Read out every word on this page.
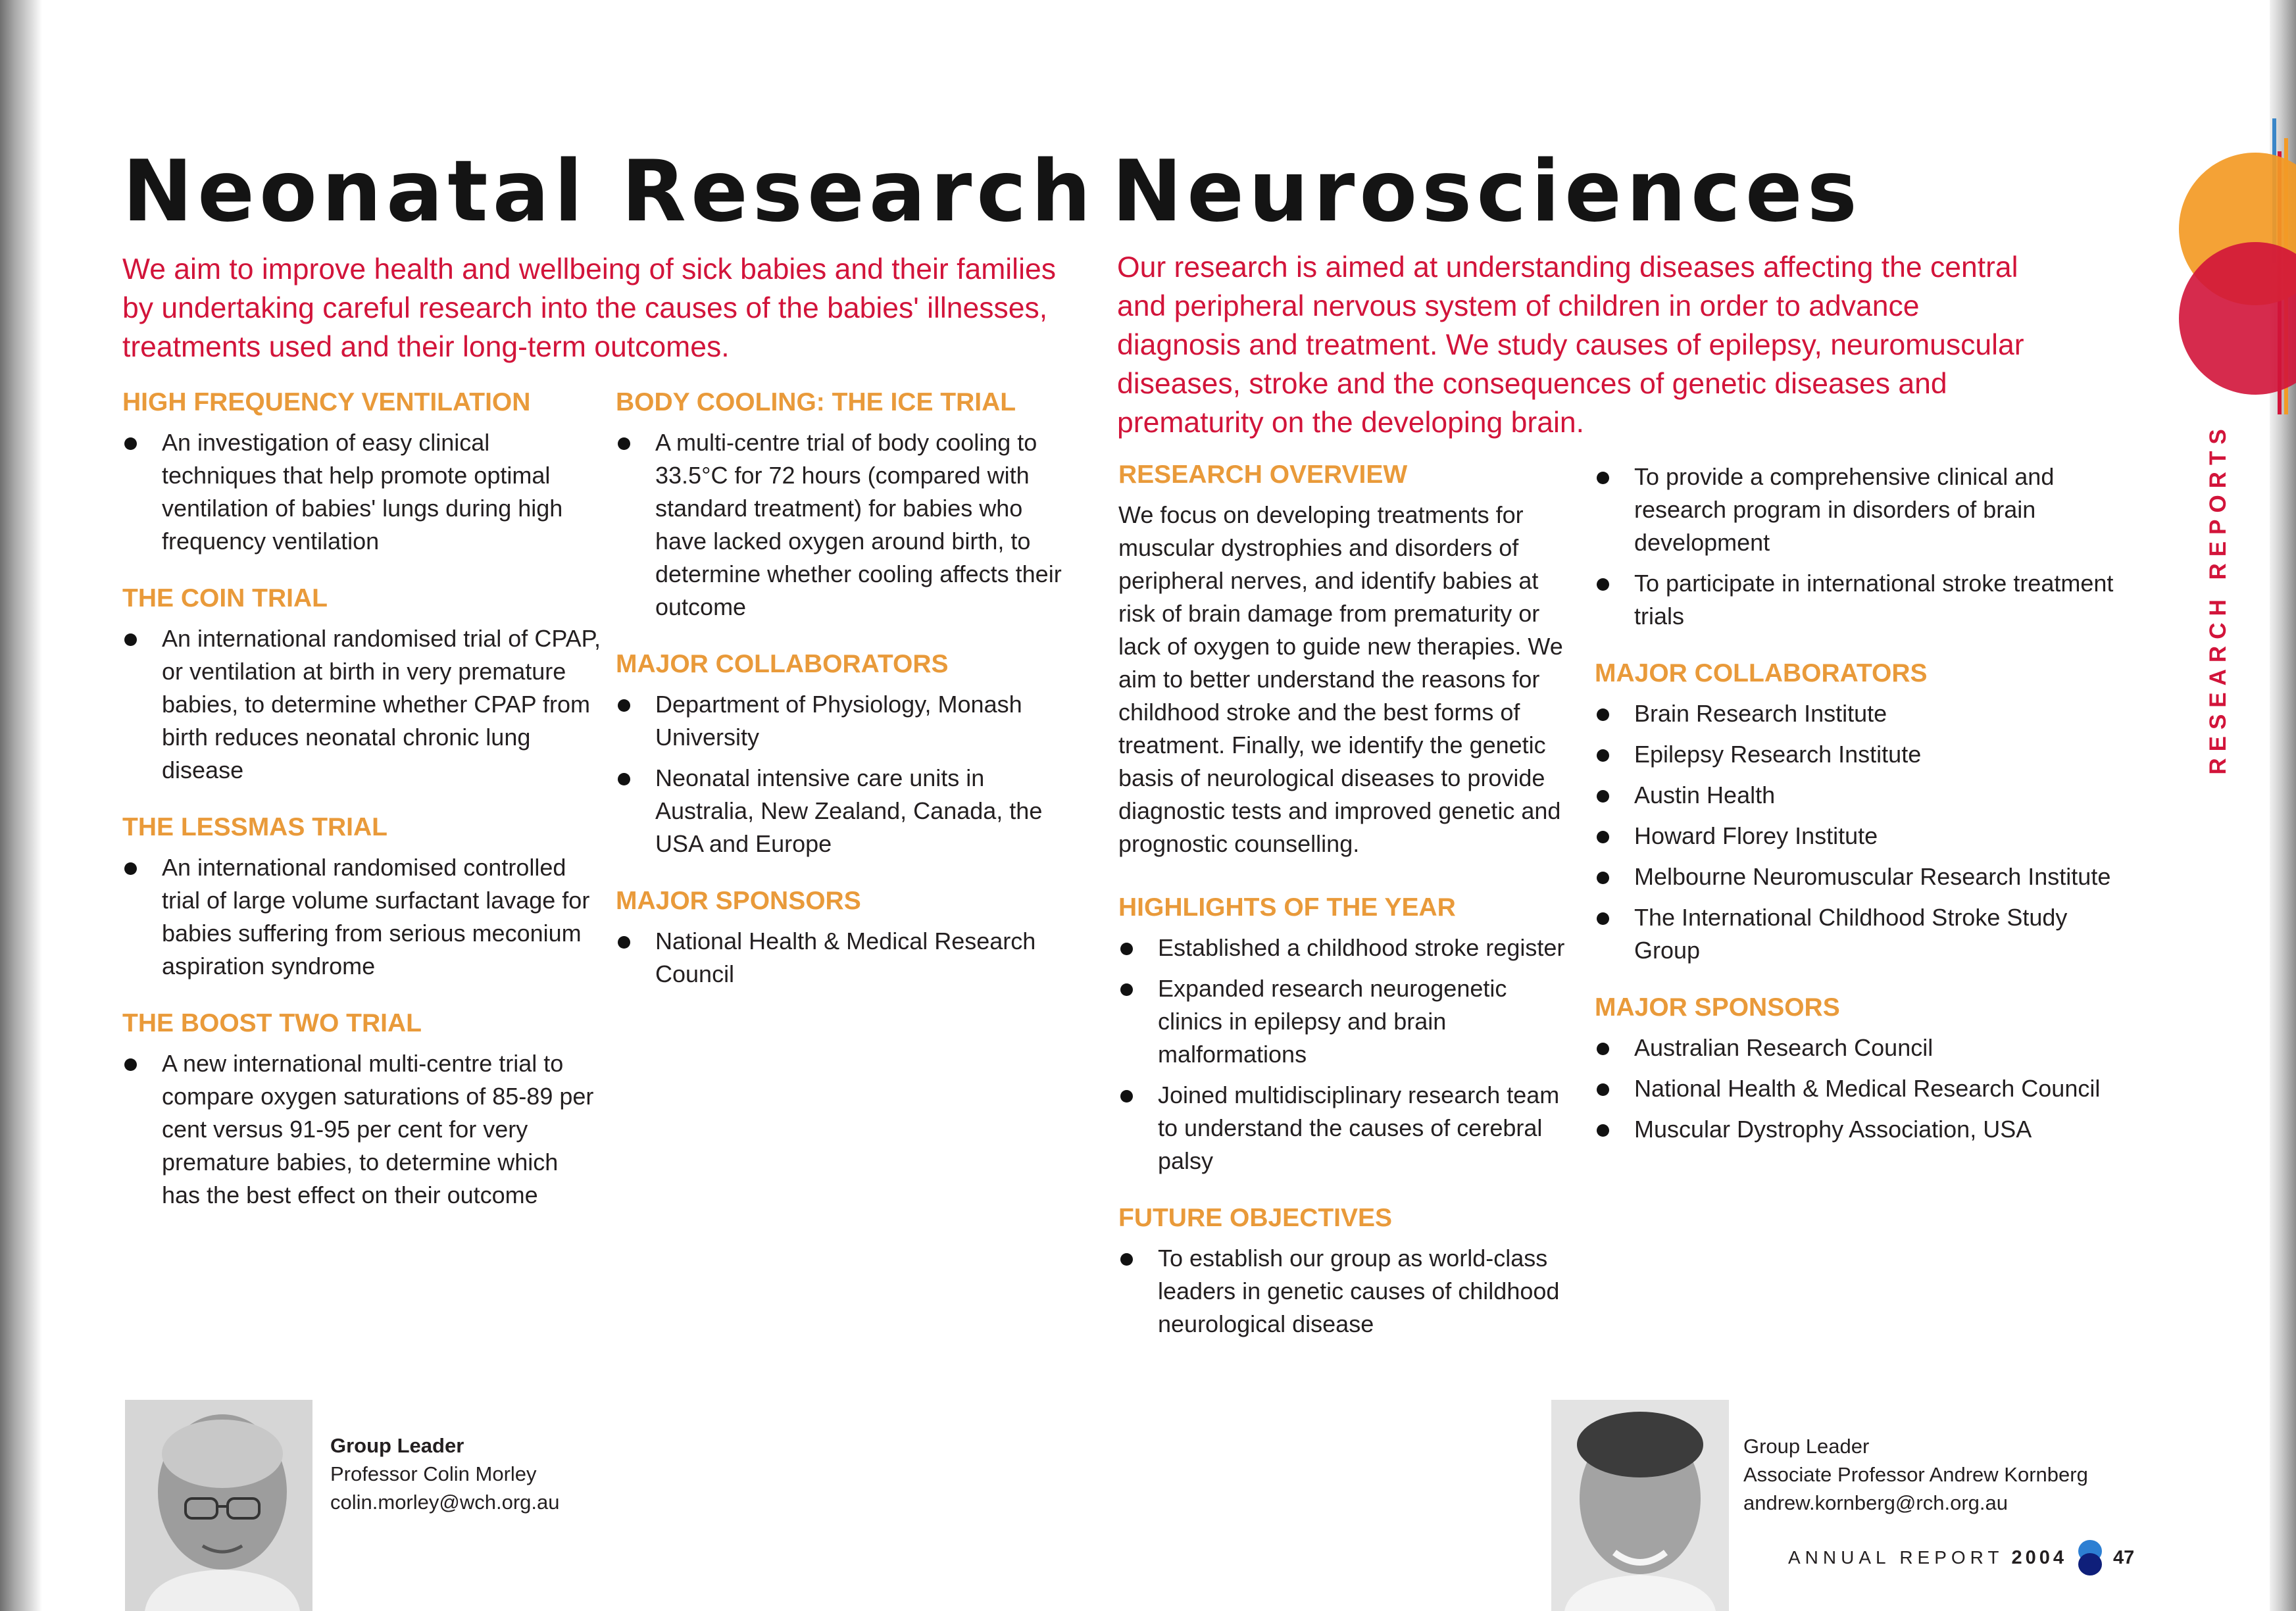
RESEARCH REPORTS
Neonatal Research

We aim to improve health and wellbeing of sick babies and their families by undertaking careful research into the causes of the babies' illnesses, treatments used and their long-term outcomes.

HIGH FREQUENCY VENTILATION
An investigation of easy clinical techniques that help promote optimal ventilation of babies' lungs during high frequency ventilation
THE COIN TRIAL
An international randomised trial of CPAP, or ventilation at birth in very premature babies, to determine whether CPAP from birth reduces neonatal chronic lung disease
THE LESSMAS TRIAL
An international randomised controlled trial of large volume surfactant lavage for babies suffering from serious meconium aspiration syndrome
THE BOOST TWO TRIAL
A new international multi-centre trial to compare oxygen saturations of 85-89 per cent versus 91-95 per cent for very premature babies, to determine which has the best effect on their outcome
BODY COOLING: THE ICE TRIAL
A multi-centre trial of body cooling to 33.5°C for 72 hours (compared with standard treatment) for babies who have lacked oxygen around birth, to determine whether cooling affects their outcome
MAJOR COLLABORATORS
Department of Physiology, Monash University
Neonatal intensive care units in Australia, New Zealand, Canada, the USA and Europe
MAJOR SPONSORS
National Health & Medical Research Council
Group Leader
Professor Colin Morley
colin.morley@wch.org.au
Neurosciences

Our research is aimed at understanding diseases affecting the central and peripheral nervous system of children in order to advance diagnosis and treatment. We study causes of epilepsy, neuromuscular diseases, stroke and the consequences of genetic diseases and prematurity on the developing brain.

RESEARCH OVERVIEW

We focus on developing treatments for muscular dystrophies and disorders of peripheral nerves, and identify babies at risk of brain damage from prematurity or lack of oxygen to guide new therapies. We aim to better understand the reasons for childhood stroke and the best forms of treatment. Finally, we identify the genetic basis of neurological diseases to provide diagnostic tests and improved genetic and prognostic counselling.

HIGHLIGHTS OF THE YEAR
Established a childhood stroke register
Expanded research neurogenetic clinics in epilepsy and brain malformations
Joined multidisciplinary research team to understand the causes of cerebral palsy
FUTURE OBJECTIVES
To establish our group as world-class leaders in genetic causes of childhood neurological disease
To provide a comprehensive clinical and research program in disorders of brain development
To participate in international stroke treatment trials
MAJOR COLLABORATORS
Brain Research Institute
Epilepsy Research Institute
Austin Health
Howard Florey Institute
Melbourne Neuromuscular Research Institute
The International Childhood Stroke Study Group
MAJOR SPONSORS
Australian Research Council
National Health & Medical Research Council
Muscular Dystrophy Association, USA
Group Leader
Associate Professor Andrew Kornberg
andrew.kornberg@rch.org.au
ANNUAL REPORT 2004 47
